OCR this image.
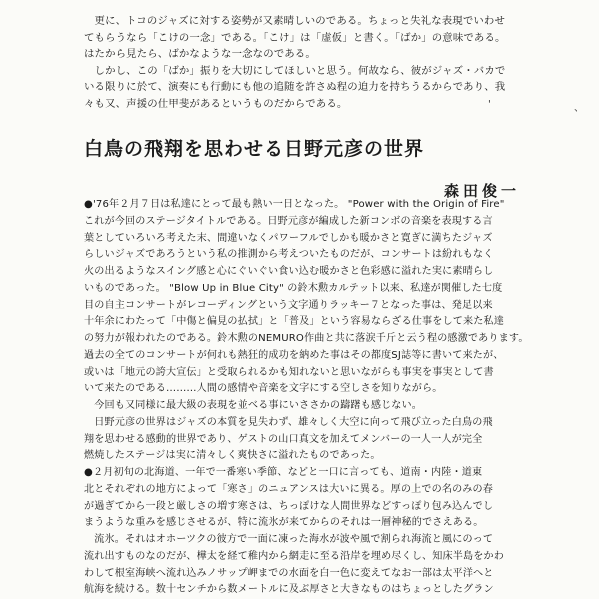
　更に、トコのジャズに対する姿勢が又素晴しいのである。ちょっと失礼な表現でいわせ

てもらうなら「こけの一念」である。「こけ」は「虚仮」と書く。「ばか」の意味である。

はたから見たら、ばかなような一念なのである。

　しかし、この「ばか」振りを大切にしてほしいと思う。何故なら、彼がジャズ・バカで

いる限りに於て、演奏にも行動にも他の追随を許さぬ程の迫力を持ちうるからであり、我

々も又、声援の仕甲斐があるというものだからである。	'	、
白鳥の飛翔を思わせる日野元彦の世界
森田俊一

●'76年２月７日は私達にとって最も熱い一日となった。 "Power with the Origin of Fire"

これが今回のステージタイトルである。日野元彦が編成した新コンボの音楽を表現する言

葉としていろいろ考えた末、間違いなくパワーフルでしかも暖かさと寛ぎに満ちたジャズ

らしいジャズであろうという私の推測から考えついたものだが、コンサートは紛れもなく

火の出るようなスイング感と心にぐいぐい食い込む暖かさと色彩感に溢れた実に素晴らし

いものであった。 "Blow Up in Blue City" の鈴木勲カルテット以来、私達が関催した七度

目の自主コンサートがレコーディングという文字通りラッキー７となった事は、発足以来

十年余にわたって「中傷と偏見の払拭」と「普及」という容易ならざる仕事をして来た私達

の努力が報われたのである。鈴木勲のNEMURO作曲と共に落涙千斤と云う程の感激であります。

過去の全てのコンサートが何れも熱狂的成功を納めた事はその都度SJ誌等に書いて来たが、

或いは「地元の誇大宣伝」と受取られるかも知れないと思いながらも事実を事実として書

いて来たのである………人間の感情や音楽を文字にする空しさを知りながら。

　今回も又同様に最大級の表現を並べる事にいささかの躊躇も感じない。

　日野元彦の世界はジャズの本質を見失わず、雄々しく大空に向って飛び立った白鳥の飛

翔を思わせる感動的世界であり、ゲストの山口真文を加えてメンバーの一人一人が完全

燃焼したステージは実に清々しく爽快さに溢れたものであった。

●２月初旬の北海道、一年で一番寒い季節、などと一口に言っても、道南・内陸・道東

北とそれぞれの地方によって「寒さ」のニュアンスは大いに異る。厚の上での名のみの春

が過ぎてから一段と厳しさの増す寒さは、ちっぽけな人間世界などすっぽり包み込んでし

まうような重みを感じさせるが、特に流氷が来てからのそれは一層神秘的でさえある。

　流氷。それはオホーツクの彼方で一面に凍った海水が波や風で割られ海流と風にのって

流れ出すものなのだが、樺太を経て稚内から網走に至る沿岸を埋め尽くし、知床半島をかわ

わして根室海峡へ流れ込みノサップ岬までの水面を白一色に変えてなお一部は太平洋へと

航海を続ける。数十センチから数メートルに及ぶ厚さと大きなものはちょっとしたグラン
